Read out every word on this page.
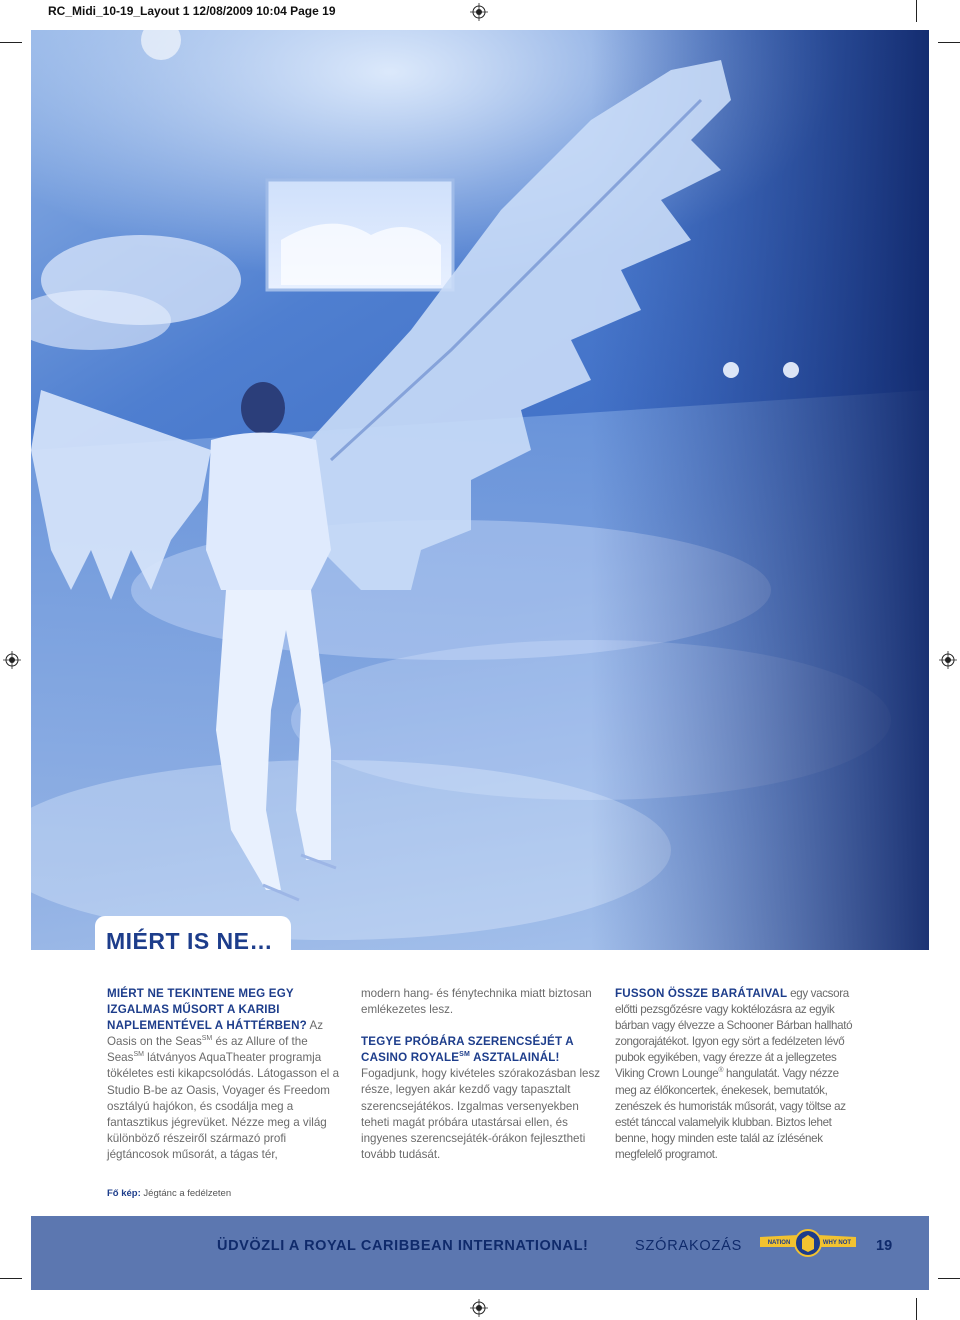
RC_Midi_10-19_Layout 1 12/08/2009 10:04 Page 19
MIÉRT IS NE…

MIÉRT NE TEKINTENE MEG EGY IZGALMAS MŰSORT A KARIBI NAPLEMENTÉVEL A HÁTTÉRBEN? Az Oasis on the Seas℠ és az Allure of the Seas℠ látványos AquaTheater programja tökéletes esti kikapcsolódás. Látogasson el a Studio B-be az Oasis, Voyager és Freedom osztályú hajókon, és csodálja meg a fantasztikus jégrevüket. Nézze meg a világ különböző részeiről származó profi jégtáncosok műsorát, a tágas tér,

modern hang- és fénytechnika miatt biztosan emlékezetes lesz.

TEGYE PRÓBÁRA SZERENCSÉJÉT A CASINO ROYALE℠ ASZTALAINÁL!

Fogadjunk, hogy kivételes szórakozásban lesz része, legyen akár kezdő vagy tapasztalt szerencsejátékos. Izgalmas versenyekben teheti magát próbára utastársai ellen, és ingyenes szerencsejáték-órákon fejlesztheti tovább tudását.

FUSSON ÖSSZE BARÁTAIVAL egy vacsora előtti pezsgőzésre vagy koktélozásra az egyik bárban vagy élvezze a Schooner Bárban hallható zongorajátékot. Igyon egy sört a fedélzeten lévő pubok egyikében, vagy érezze át a jellegzetes Viking Crown Lounge® hangulatát. Vagy nézze meg az élőkoncertek, énekesek, bemutatók, zenészek és humoristák műsorát, vagy töltse az estét tánccal valamelyik klubban. Biztos lehet benne, hogy minden este talál az ízlésének megfelelő programot.

Fő kép: Jégtánc a fedélzeten
ÜDVÖZLI A ROYAL CARIBBEAN INTERNATIONAL!	SZÓRAKOZÁS	NATION	WHY NOT 19
